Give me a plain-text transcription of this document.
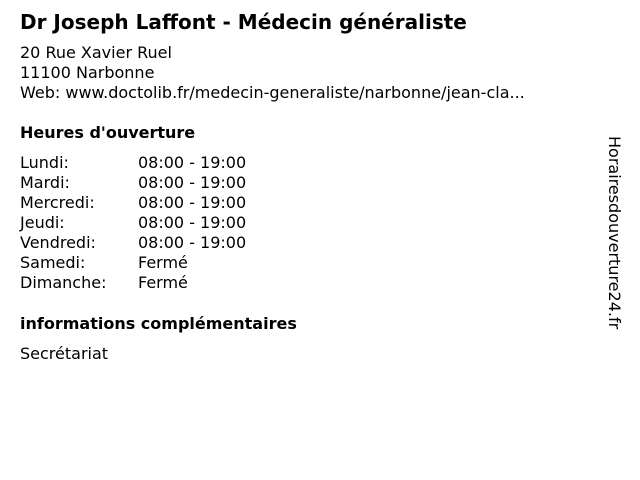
Dr Joseph Laffont - Médecin généraliste
20 Rue Xavier Ruel
11100 Narbonne
Web: www.doctolib.fr/medecin-generaliste/narbonne/jean-cla...
Heures d'ouverture
Lundi:	08:00 - 19:00
Mardi:	08:00 - 19:00
Mercredi:	08:00 - 19:00
Jeudi:	08:00 - 19:00
Vendredi:	08:00 - 19:00
Samedi:	Fermé
Dimanche:	Fermé
informations complémentaires
Secrétariat
Horairesdouverture24.fr
